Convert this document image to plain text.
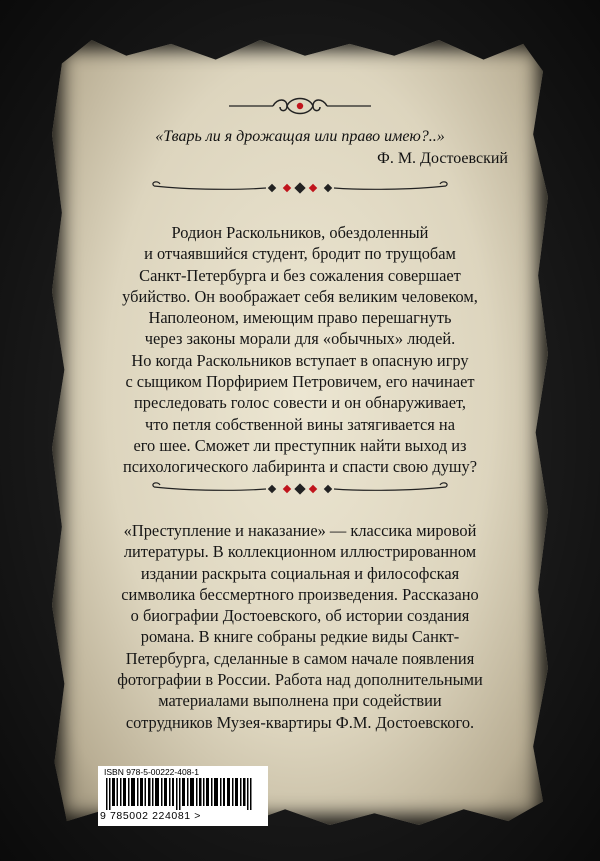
«Тварь ли я дрожащая или право имею?..»
Ф. М. Достоевский
Родион Раскольников, обездоленный
и отчаявшийся студент, бродит по трущобам
Санкт-Петербурга и без сожаления совершает
убийство. Он воображает себя великим человеком,
Наполеоном, имеющим право перешагнуть
через законы морали для «обычных» людей.
Но когда Раскольников вступает в опасную игру
с сыщиком Порфирием Петровичем, его начинает
преследовать голос совести и он обнаруживает,
что петля собственной вины затягивается на
его шее. Сможет ли преступник найти выход из
психологического лабиринта и спасти свою душу?
«Преступление и наказание» — классика мировой
литературы. В коллекционном иллюстрированном
издании раскрыта социальная и философская
символика бессмертного произведения. Рассказано
о биографии Достоевского, об истории создания
романа. В книге собраны редкие виды Санкт-
Петербурга, сделанные в самом начале появления
фотографии в России. Работа над дополнительными
материалами выполнена при содействии
сотрудников Музея-квартиры Ф.М. Достоевского.
ISBN 978-5-00222-408-1
9 785002 224081 >
